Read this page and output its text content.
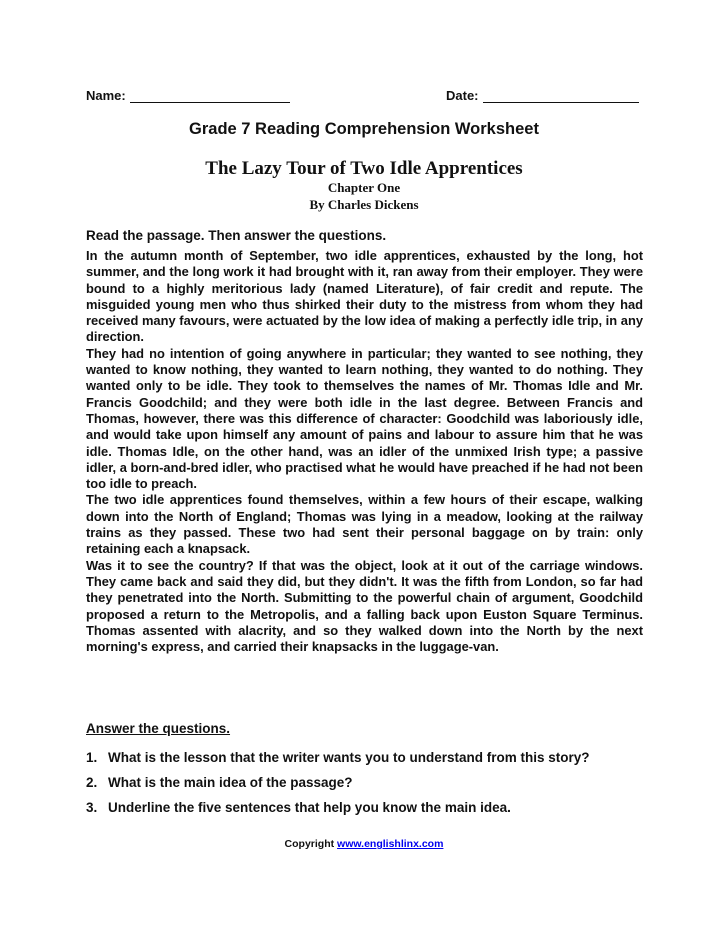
Name:	Date:
Grade 7 Reading Comprehension Worksheet
The Lazy Tour of Two Idle Apprentices
Chapter One
By Charles Dickens
Read the passage. Then answer the questions.

In the autumn month of September, two idle apprentices, exhausted by the long, hot summer, and the long work it had brought with it, ran away from their employer. They were bound to a highly meritorious lady (named Literature), of fair credit and repute. The misguided young men who thus shirked their duty to the mistress from whom they had received many favours, were actuated by the low idea of making a perfectly idle trip, in any direction.

They had no intention of going anywhere in particular; they wanted to see nothing, they wanted to know nothing, they wanted to learn nothing, they wanted to do nothing. They wanted only to be idle. They took to themselves the names of Mr. Thomas Idle and Mr. Francis Goodchild; and they were both idle in the last degree. Between Francis and Thomas, however, there was this difference of character: Goodchild was laboriously idle, and would take upon himself any amount of pains and labour to assure him that he was idle. Thomas Idle, on the other hand, was an idler of the unmixed Irish type; a passive idler, a born-and-bred idler, who practised what he would have preached if he had not been too idle to preach.

The two idle apprentices found themselves, within a few hours of their escape, walking down into the North of England; Thomas was lying in a meadow, looking at the railway trains as they passed. These two had sent their personal baggage on by train: only retaining each a knapsack.

Was it to see the country? If that was the object, look at it out of the carriage windows. They came back and said they did, but they didn't. It was the fifth from London, so far had they penetrated into the North. Submitting to the powerful chain of argument, Goodchild proposed a return to the Metropolis, and a falling back upon Euston Square Terminus. Thomas assented with alacrity, and so they walked down into the North by the next morning's express, and carried their knapsacks in the luggage-van.

Answer the questions.
1. What is the lesson that the writer wants you to understand from this story?
2. What is the main idea of the passage?
3. Underline the five sentences that help you know the main idea.
Copyright www.englishlinx.com
